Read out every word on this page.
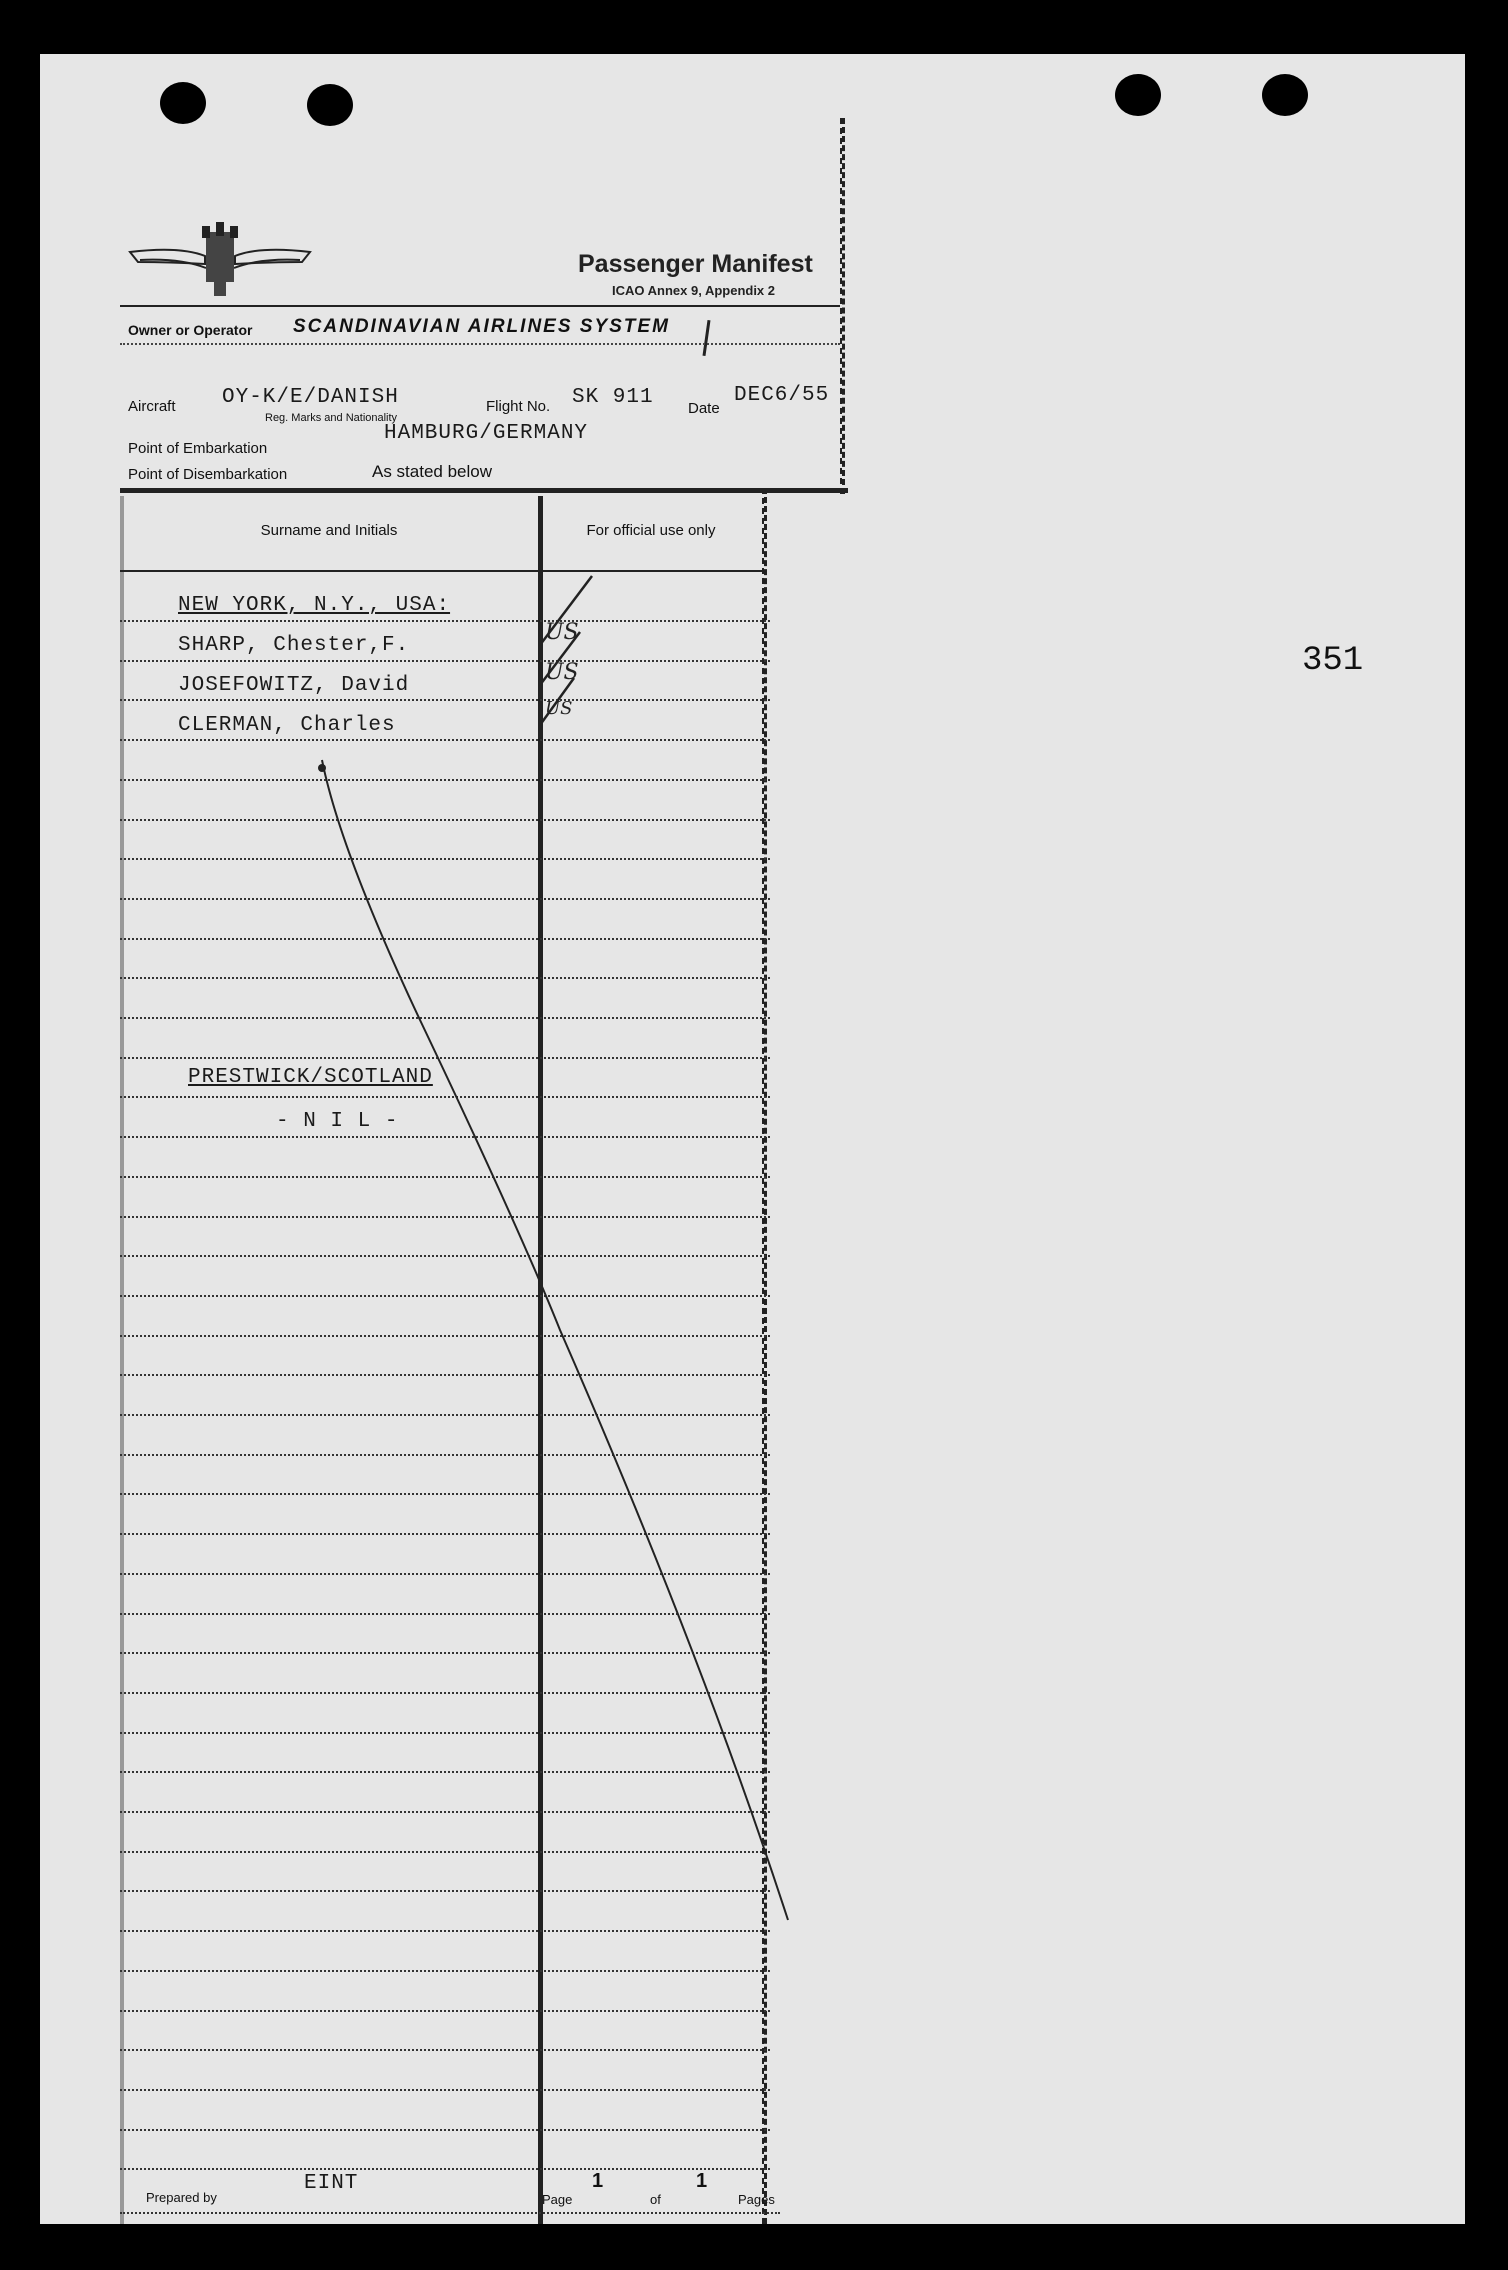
Passenger Manifest
ICAO Annex 9, Appendix 2
Owner or Operator SCANDINAVIAN AIRLINES SYSTEM
Aircraft OY-K/E/DANISH
Reg. Marks and Nationality
Flight No. SK 911 Date
DEC6/55
Point of Embarkation
HAMBURG/GERMANY
Point of Disembarkation	As stated below
Surname and Initials	For official use only
NEW YORK, N.Y., USA:
SHARP, Chester,F.
JOSEFOWITZ, David
CLERMAN, Charles
US
US
US
PRESTWICK/SCOTLAND
- N I L -
351
Prepared by
EINT
Page
1
of
1
Pages
